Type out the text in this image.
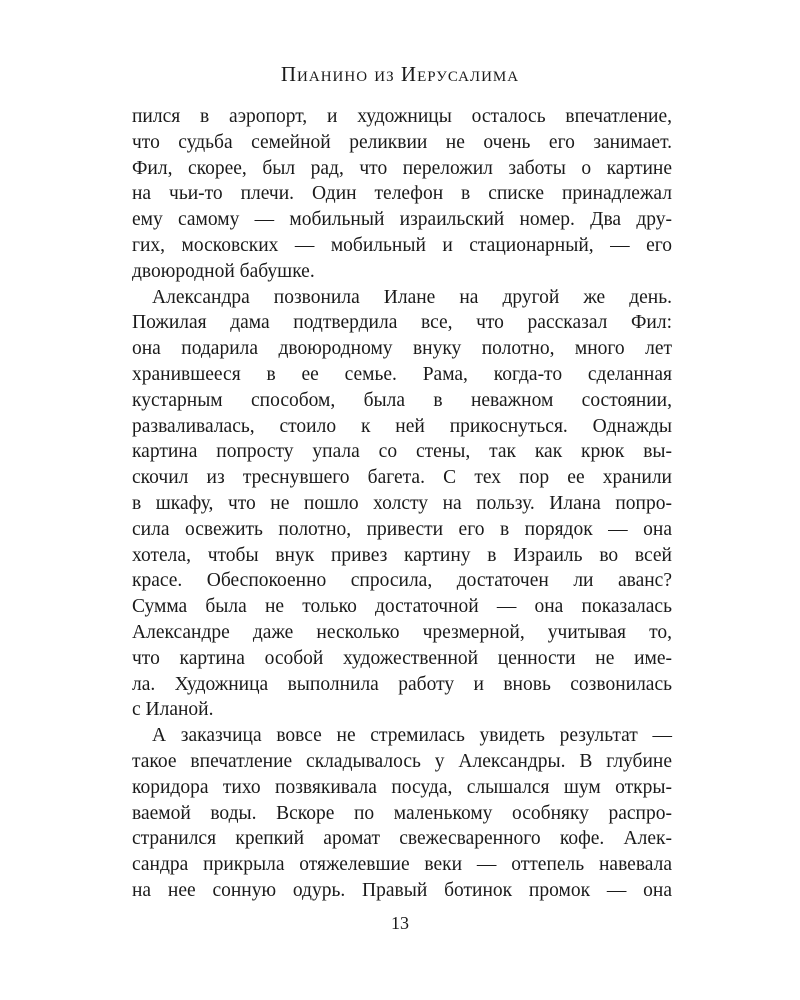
Пианино из Иерусалима
пился в аэропорт, и художницы осталось впечатление,
что судьба семейной реликвии не очень его занимает.
Фил, скорее, был рад, что переложил заботы о картине
на чьи-то плечи. Один телефон в списке принадлежал
ему самому — мобильный израильский номер. Два дру-
гих, московских — мобильный и стационарный, — его
двоюродной бабушке.
Александра позвонила Илане на другой же день.
Пожилая дама подтвердила все, что рассказал Фил:
она подарила двоюродному внуку полотно, много лет
хранившееся в ее семье. Рама, когда-то сделанная
кустарным способом, была в неважном состоянии,
разваливалась, стоило к ней прикоснуться. Однажды
картина попросту упала со стены, так как крюк вы-
скочил из треснувшего багета. С тех пор ее хранили
в шкафу, что не пошло холсту на пользу. Илана попро-
сила освежить полотно, привести его в порядок — она
хотела, чтобы внук привез картину в Израиль во всей
красе. Обеспокоенно спросила, достаточен ли аванс?
Сумма была не только достаточной — она показалась
Александре даже несколько чрезмерной, учитывая то,
что картина особой художественной ценности не име-
ла. Художница выполнила работу и вновь созвонилась
с Иланой.
А заказчица вовсе не стремилась увидеть результат —
такое впечатление складывалось у Александры. В глубине
коридора тихо позвякивала посуда, слышался шум откры-
ваемой воды. Вскоре по маленькому особняку распро-
странился крепкий аромат свежесваренного кофе. Алек-
сандра прикрыла отяжелевшие веки — оттепель навевала
на нее сонную одурь. Правый ботинок промок — она
13
